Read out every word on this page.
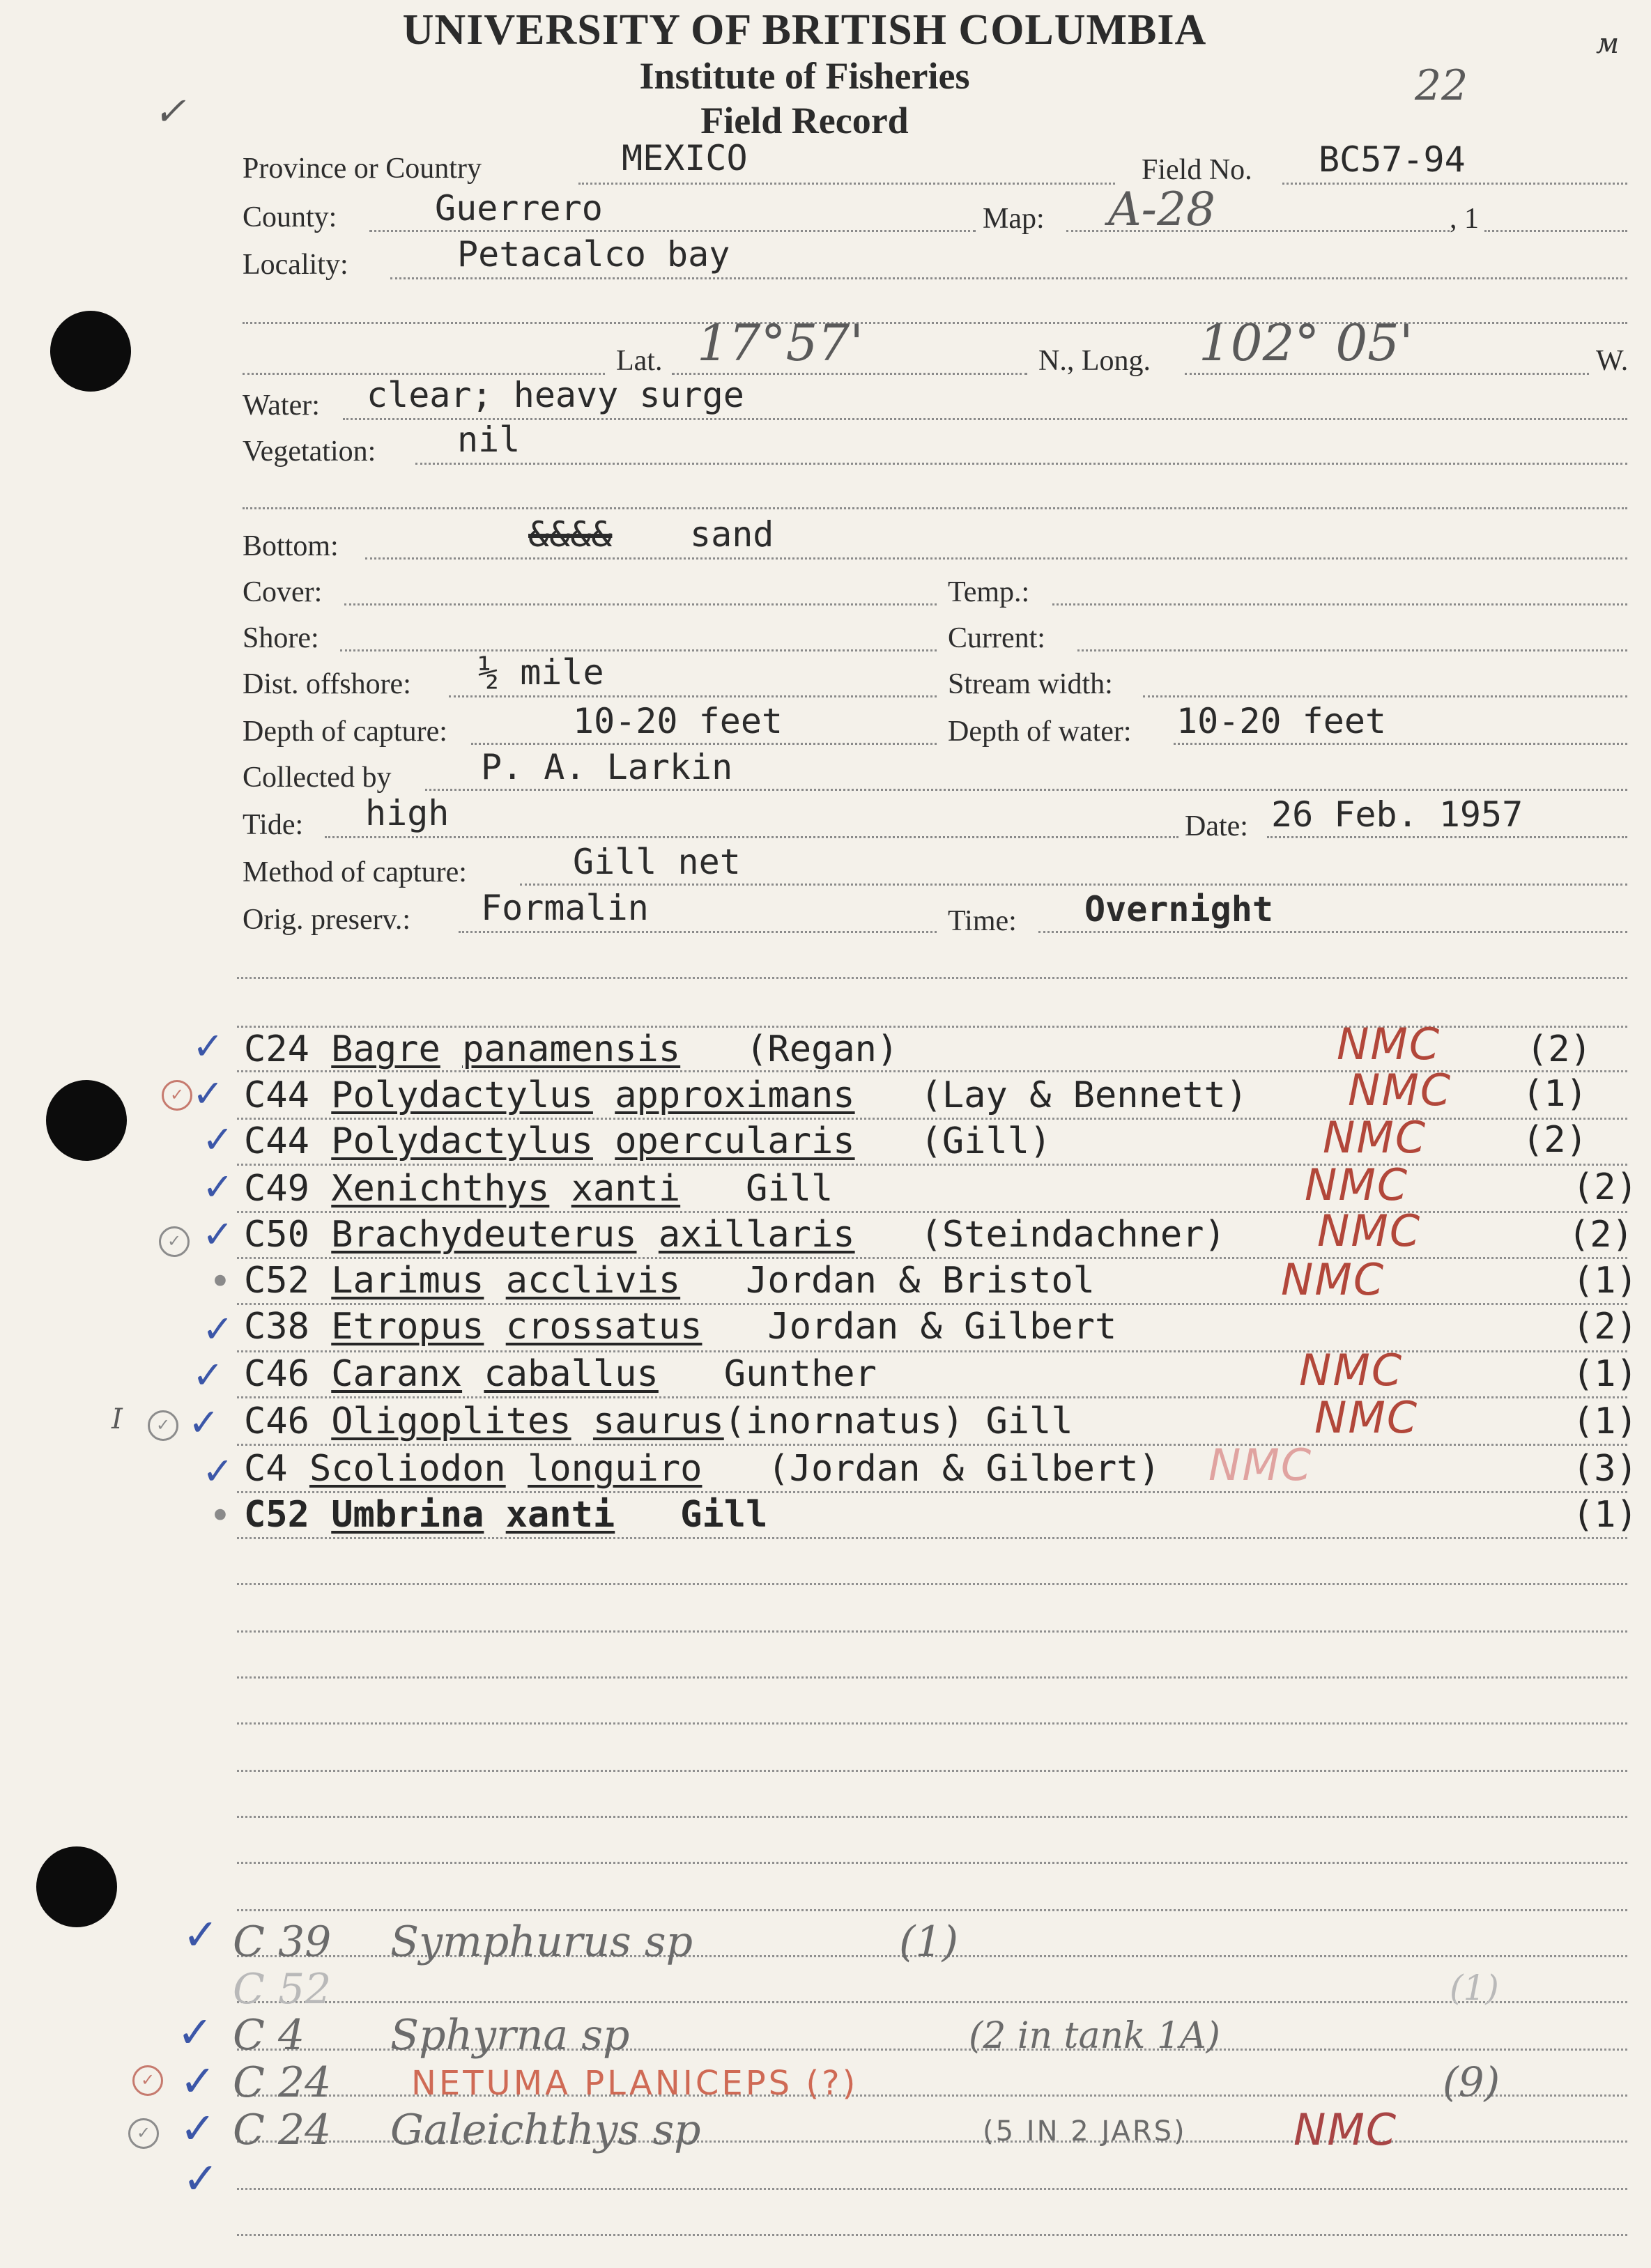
UNIVERSITY OF BRITISH COLUMBIA
Institute of Fisheries
Field Record
22
м
✓
Province or Country	MEXICO	Field No. BC57-94
County:	Guerrero	Map: A-28	, 1
Locality:	Petacalco bay
Lat. 17°57'	N., Long. 102° 05'	W.
Water: clear; heavy surge
Vegetation: nil
Bottom:	&&&& sand
Cover:	Temp.:
Shore:	Current:
Dist. offshore: ½ mile	Stream width:
Depth of capture:	10-20 feet	Depth of water: 10-20 feet
Collected by	P. A. Larkin
Tide: high	Date: 26 Feb. 1957
Method of capture:	Gill net
Orig. preserv.: Formalin	Time: Overnight
✓ C24 Bagre panamensis (Regan)	NMC (2)
✓ ✓ C44 Polydactylus approximans (Lay & Bennett) NMC (1)
✓ C44 Polydactylus opercularis (Gill)	NMC	(2)
✓ C49 Xenichthys xanti Gill	NMC	(2)
✓ ✓ C50 Brachydeuterus axillaris (Steindachner) NMC	(2)
• C52 Larimus acclivis Jordan & Bristol	NMC	(1)
✓ C38 Etropus crossatus Jordan & Gilbert	(2)
✓ C46 Caranx caballus Gunther	NMC	(1)
I	✓ ✓ C46 Oligoplites saurus(inornatus) Gill	NMC	(1)
✓ C4 Scoliodon longuiro (Jordan & Gilbert) NMC	(3)
• C52 Umbrina xanti Gill	(1)
✓ C 39 Symphurus sp	(1)
C 52	(1)
✓ C 4 Sphyrna sp	(2 in tank 1A)
✓ ✓ C 24 NETUMA PLANICEPS (?)	(9)
✓ ✓ C 24 Galeichthys sp	(5 IN 2 JARS) NMC
✓
